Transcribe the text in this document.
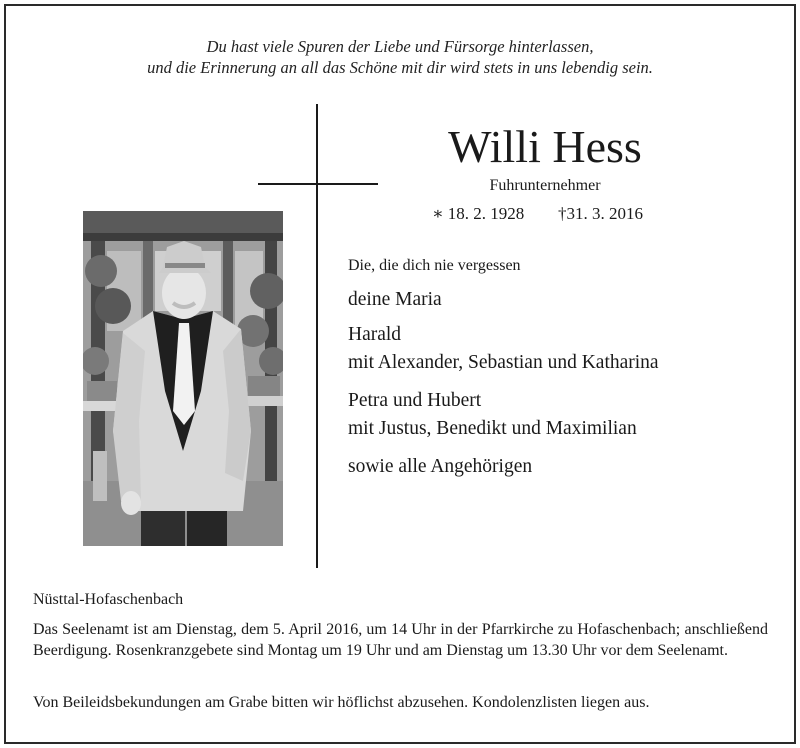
Du hast viele Spuren der Liebe und Fürsorge hinterlassen,
und die Erinnerung an all das Schöne mit dir wird stets in uns lebendig sein.
Willi Hess
Fuhrunternehmer
∗ 18. 2. 1928 †31. 3. 2016
Die, die dich nie vergessen
deine Maria
Harald
mit Alexander, Sebastian und Katharina
Petra und Hubert
mit Justus, Benedikt und Maximilian
sowie alle Angehörigen
Nüsttal-Hofaschenbach
Das Seelenamt ist am Dienstag, dem 5. April 2016, um 14 Uhr in der Pfarrkirche zu Hofaschenbach; anschließend Beerdigung. Rosenkranzgebete sind Montag um 19 Uhr und am Dienstag um 13.30 Uhr vor dem Seelenamt.
Von Beileidsbekundungen am Grabe bitten wir höflichst abzusehen. Kondolenzlisten liegen aus.
